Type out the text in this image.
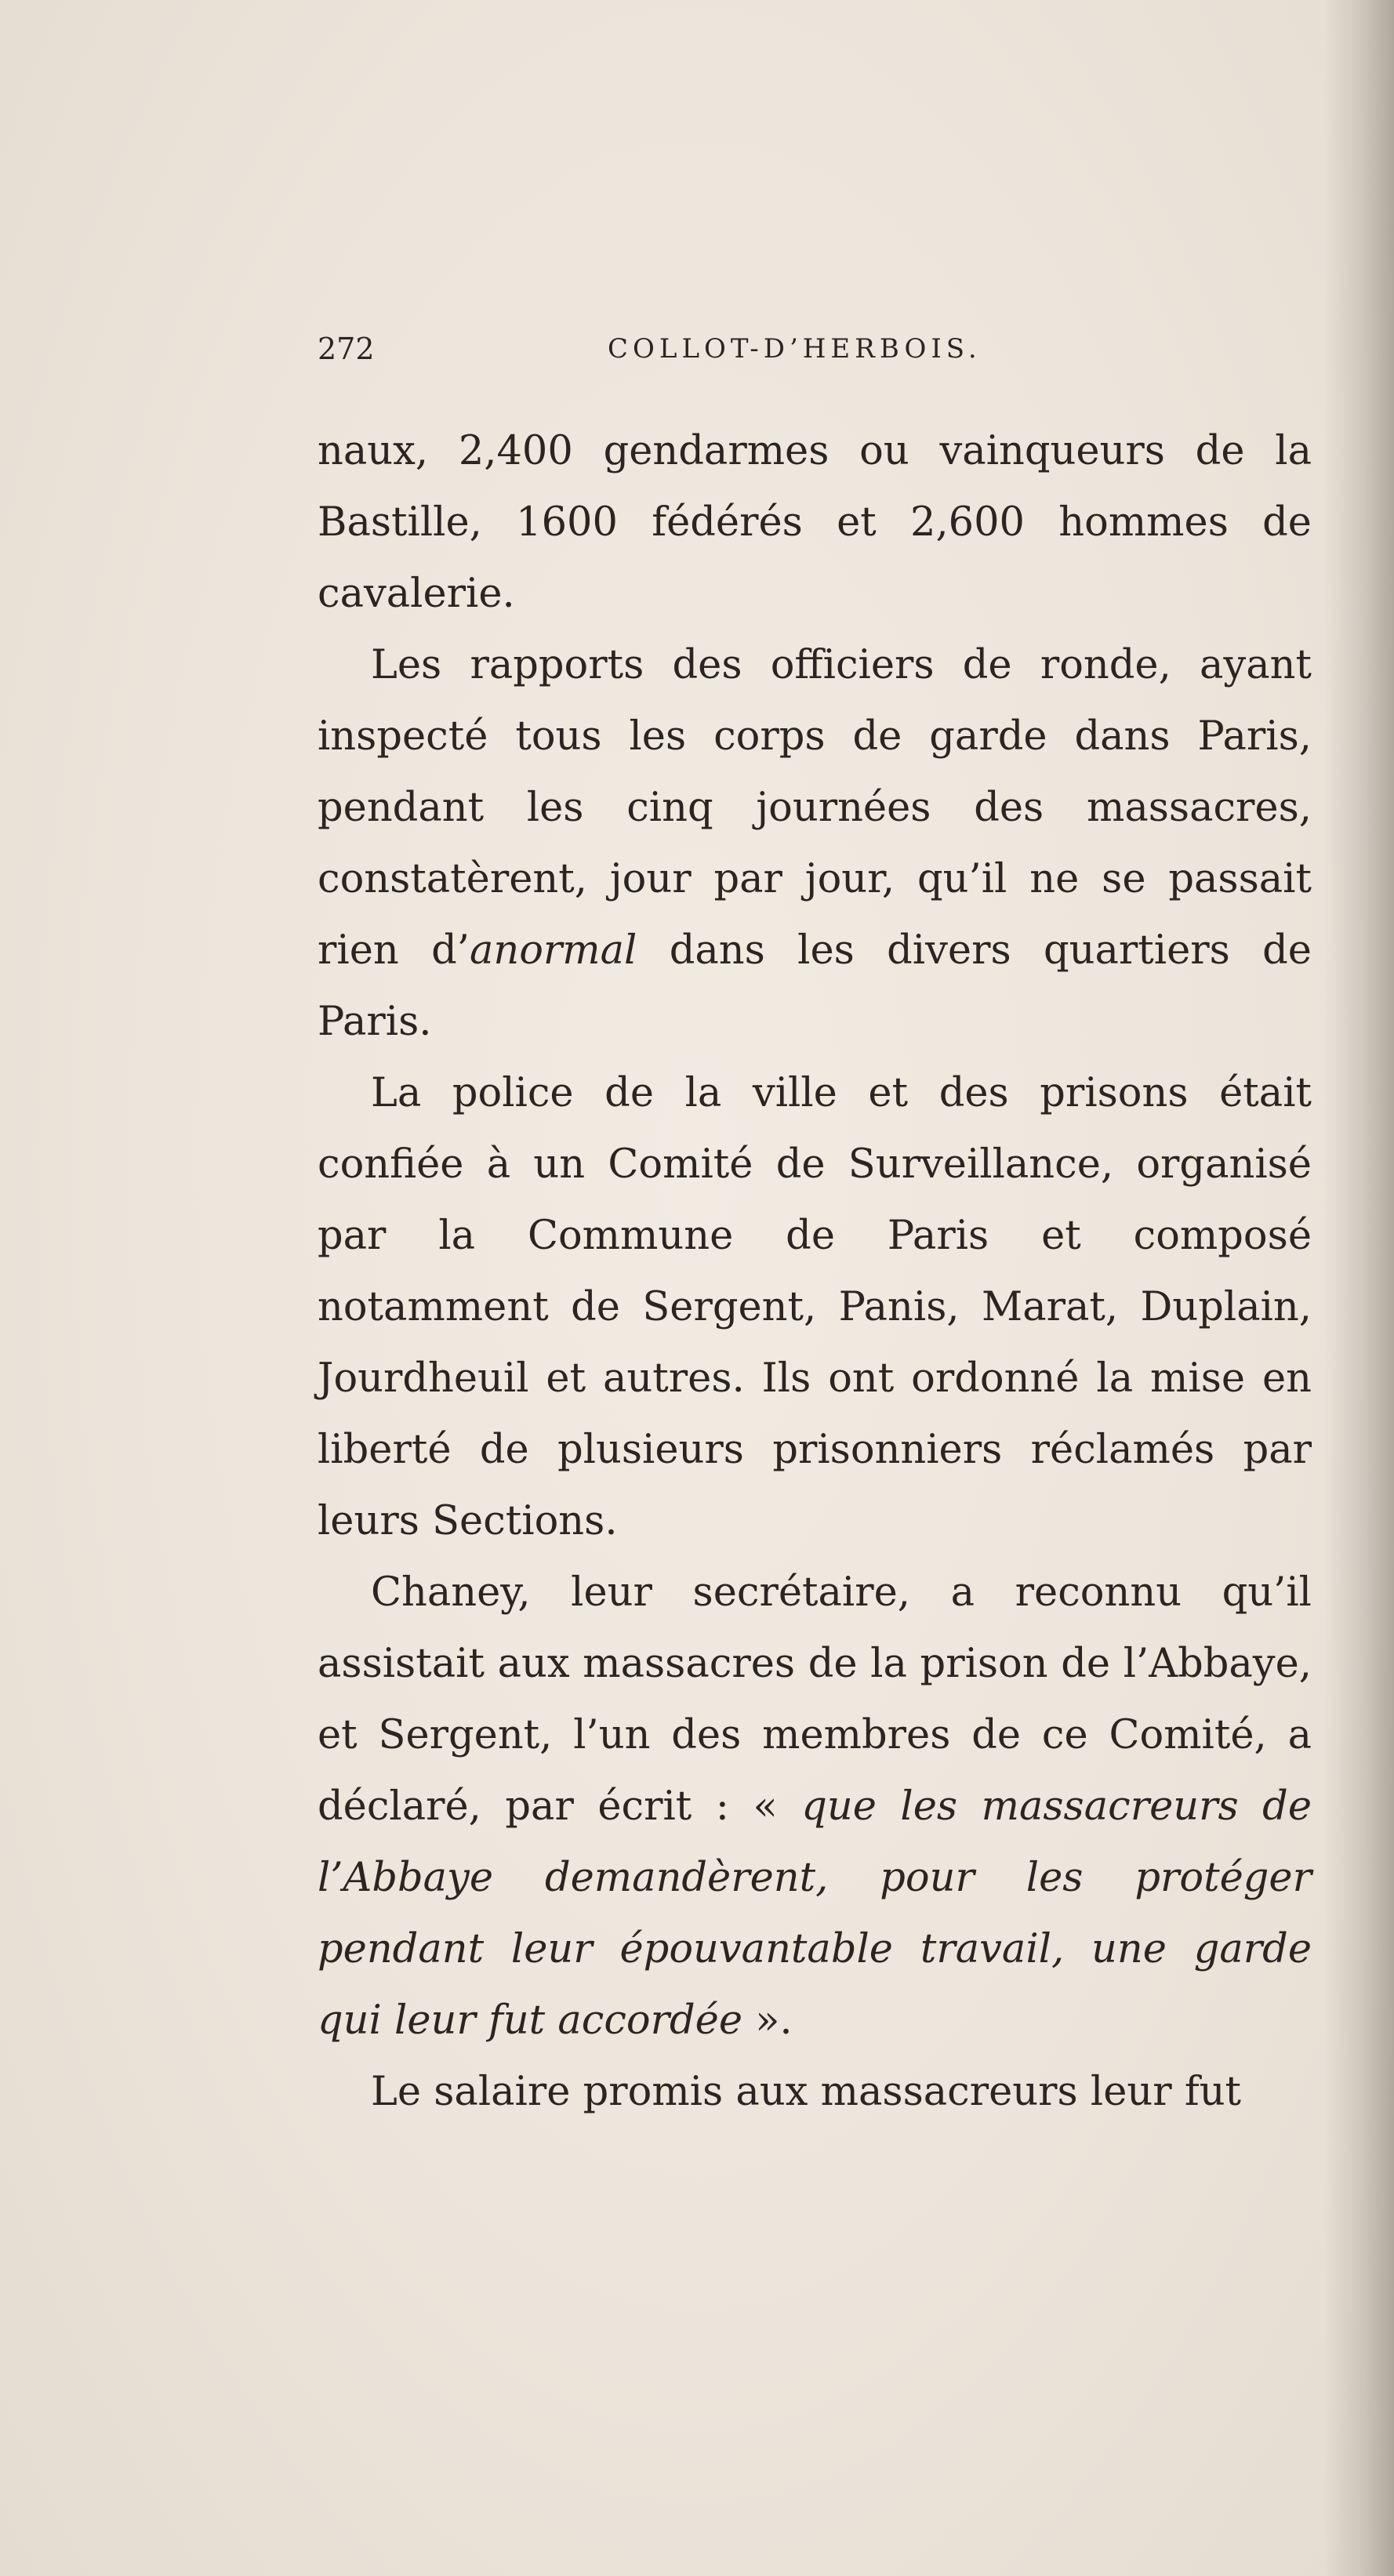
272	COLLOT-D’HERBOIS.

naux, 2,400 gendarmes ou vainqueurs de la Bastille, 1600 fédérés et 2,600 hommes de cavalerie.

Les rapports des officiers de ronde, ayant inspecté tous les corps de garde dans Paris, pendant les cinq journées des massacres, constatèrent, jour par jour, qu’il ne se passait rien d’anormal dans les divers quartiers de Paris.

La police de la ville et des prisons était confiée à un Comité de Surveillance, organisé par la Commune de Paris et composé notamment de Sergent, Panis, Marat, Duplain, Jourdheuil et autres. Ils ont ordonné la mise en liberté de plusieurs prisonniers réclamés par leurs Sections.

Chaney, leur secrétaire, a reconnu qu’il assistait aux massacres de la prison de l’Abbaye, et Sergent, l’un des membres de ce Comité, a déclaré, par écrit : « que les massacreurs de l’Abbaye demandèrent, pour les protéger pendant leur épouvantable travail, une garde qui leur fut accordée ».

Le salaire promis aux massacreurs leur fut
